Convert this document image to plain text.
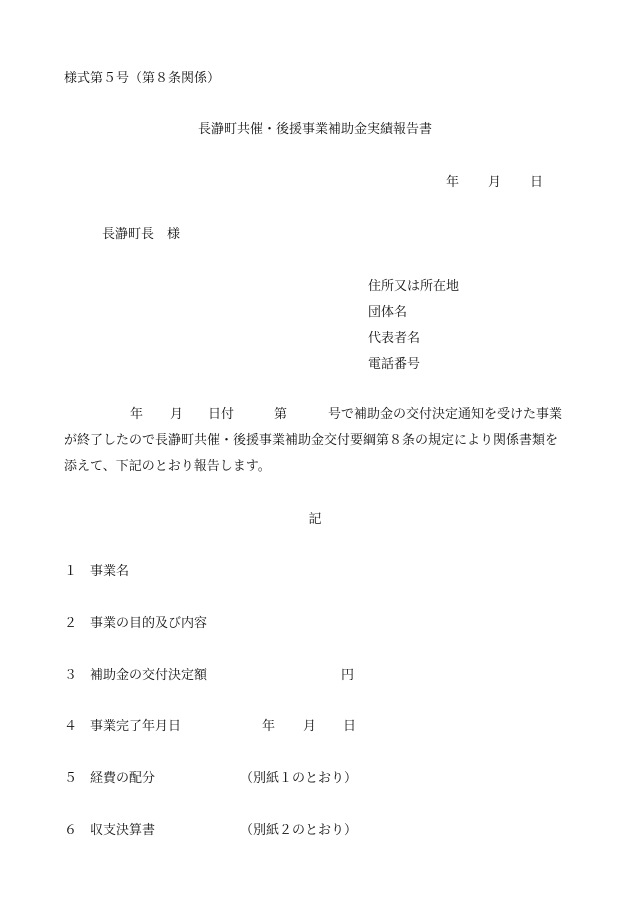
様式第５号（第８条関係）
長瀞町共催・後援事業補助金実績報告書
年 月 日
長瀞町長　様
住所又は所在地
団体名
代表者名
電話番号
年 月 日付	第	号で補助金の交付決定通知を受けた事業
が終了したので長瀞町共催・後援事業補助金交付要綱第８条の規定により関係書類を
添えて、下記のとおり報告します。
記
１ 事業名
２ 事業の目的及び内容
３ 補助金の交付決定額	円
４ 事業完了年月日	年 月 日
５ 経費の配分	（別紙１のとおり）
６ 収支決算書	（別紙２のとおり）
